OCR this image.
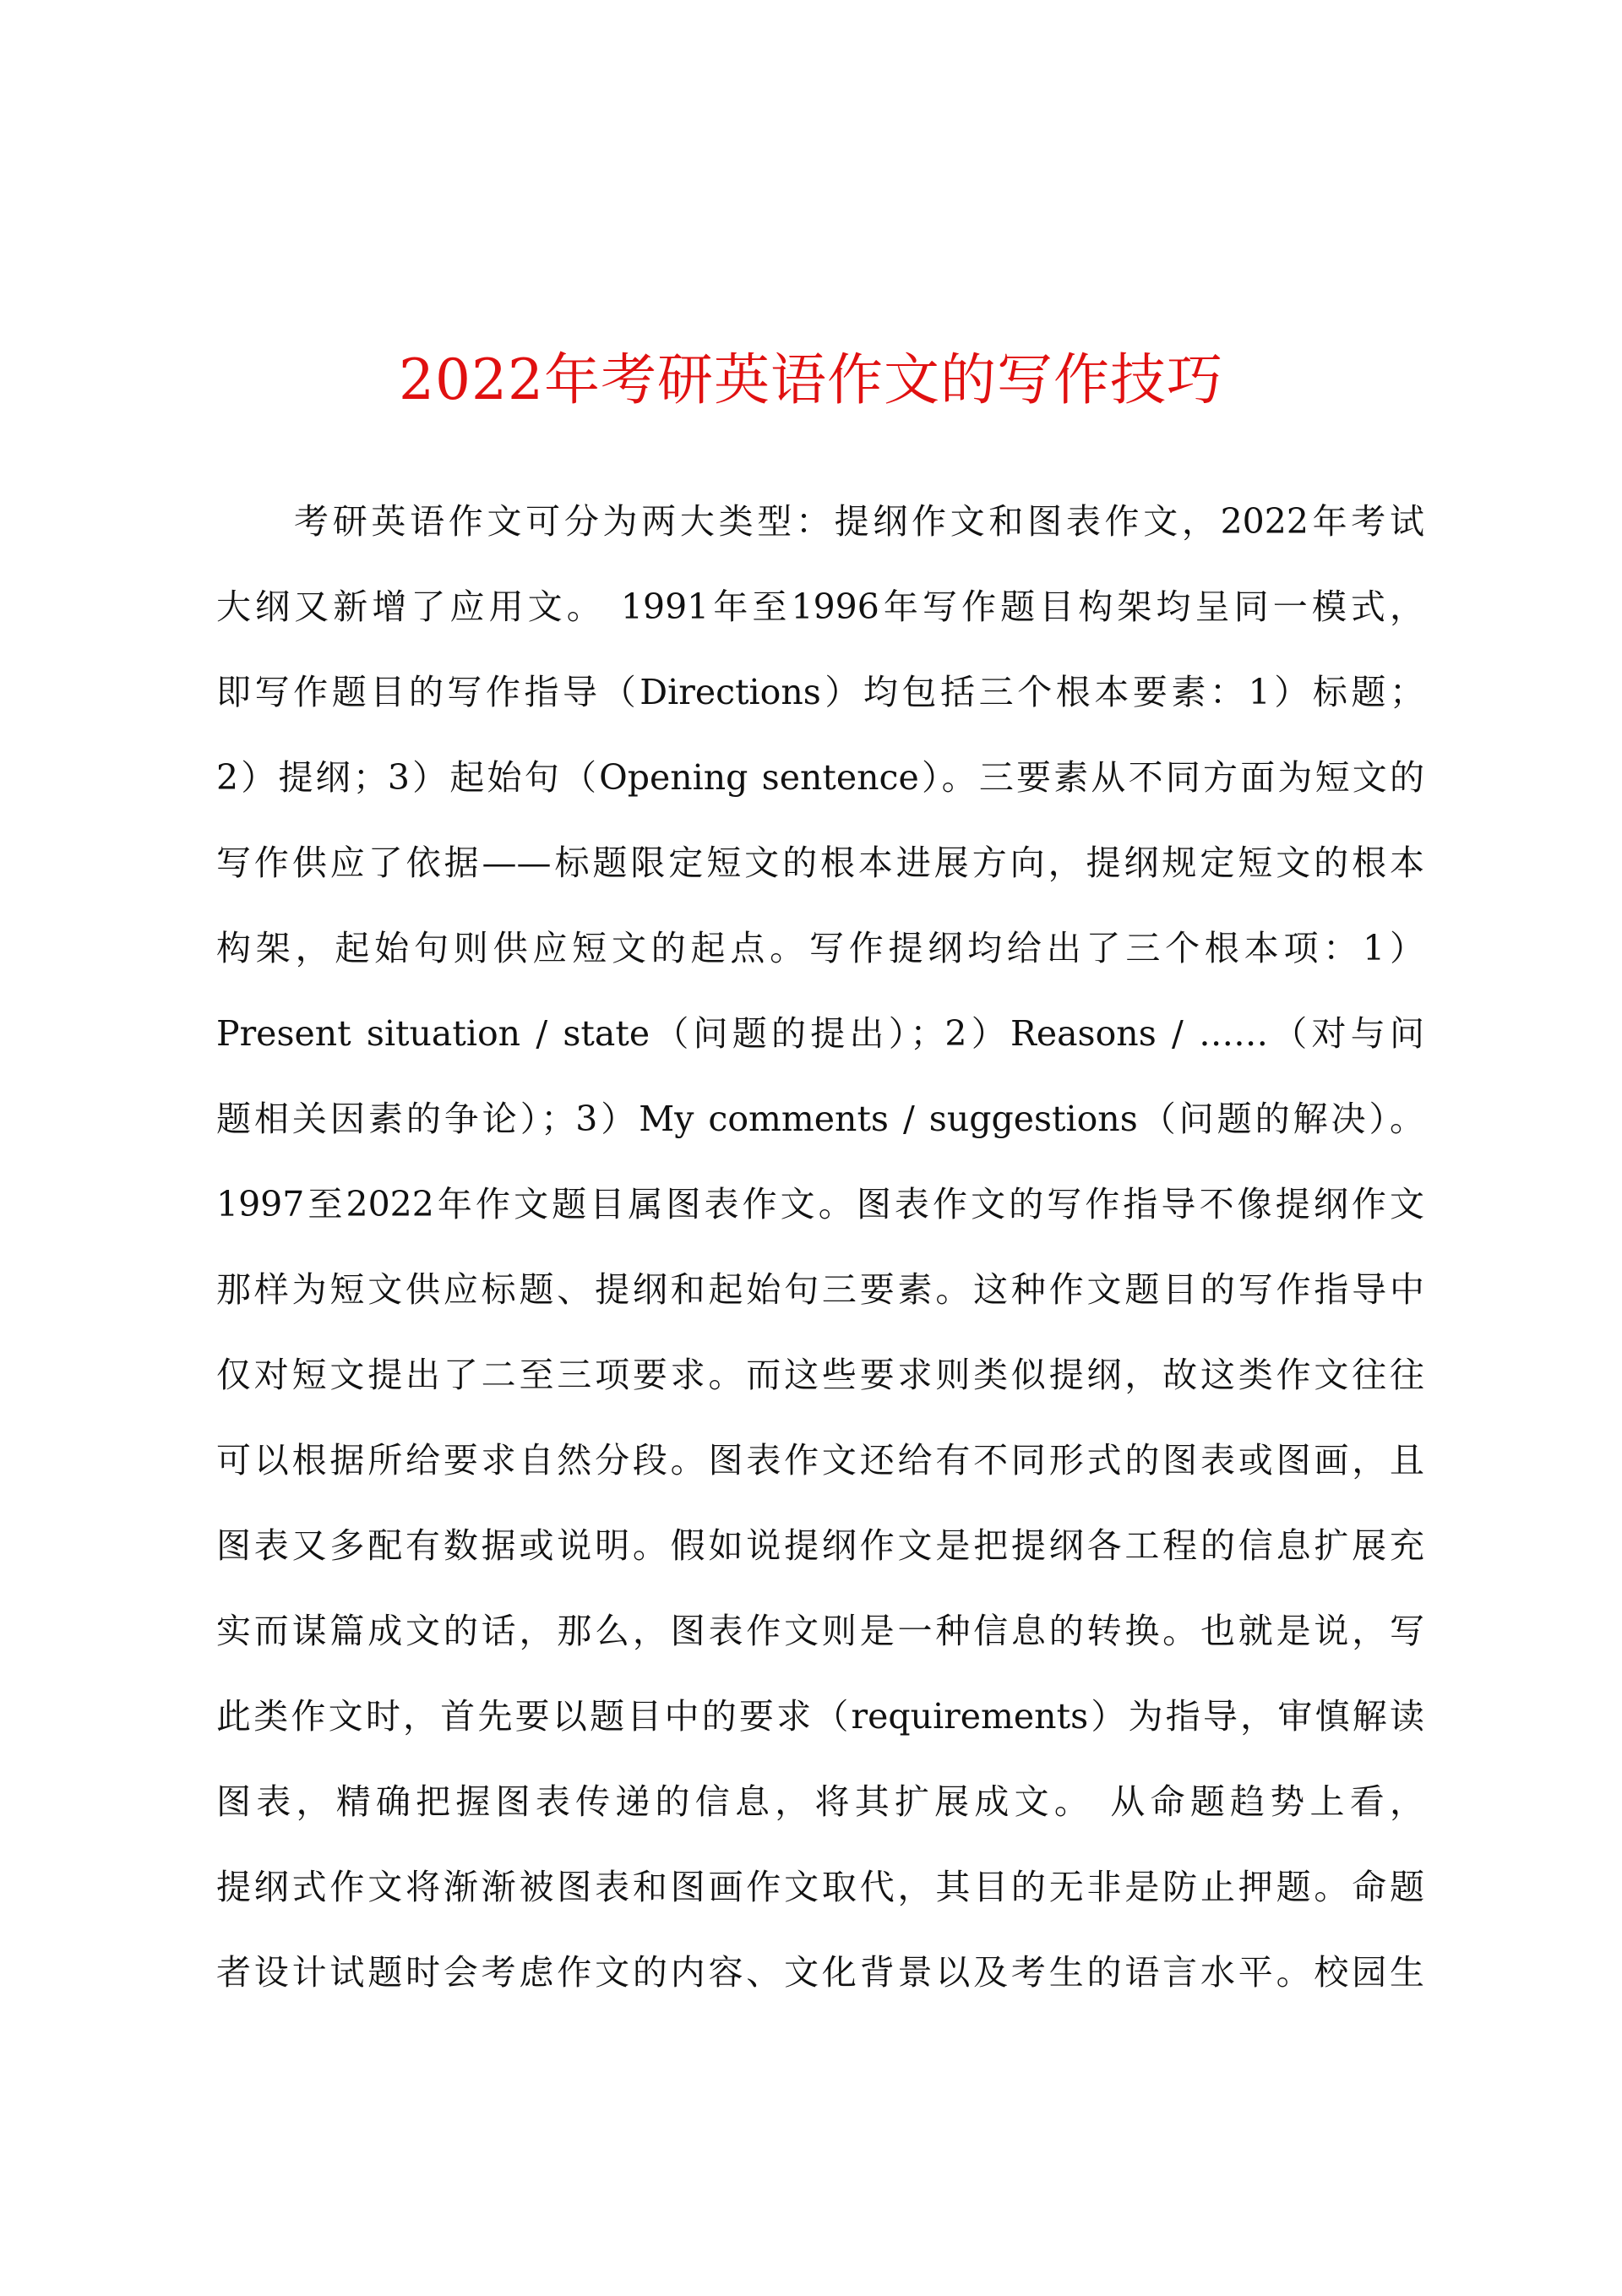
2022年考研英语作文的写作技巧
考研英语作文可分为两大类型：提纲作文和图表作文，2022年考试
大纲又新增了应用文。 1991年至1996年写作题目构架均呈同一模式，
即写作题目的写作指导（Directions）均包括三个根本要素：1）标题；
2）提纲；3）起始句（Opening sentence）。三要素从不同方面为短文的
写作供应了依据——标题限定短文的根本进展方向，提纲规定短文的根本
构架，起始句则供应短文的起点。写作提纲均给出了三个根本项：1）
Present situation / state（问题的提出）；2）Reasons / ……（对与问
题相关因素的争论）；3）My comments / suggestions（问题的解决）。
1997至2022年作文题目属图表作文。图表作文的写作指导不像提纲作文
那样为短文供应标题、提纲和起始句三要素。这种作文题目的写作指导中
仅对短文提出了二至三项要求。而这些要求则类似提纲，故这类作文往往
可以根据所给要求自然分段。图表作文还给有不同形式的图表或图画，且
图表又多配有数据或说明。假如说提纲作文是把提纲各工程的信息扩展充
实而谋篇成文的话，那么，图表作文则是一种信息的转换。也就是说，写
此类作文时，首先要以题目中的要求（requirements）为指导，审慎解读
图表，精确把握图表传递的信息，将其扩展成文。 从命题趋势上看，
提纲式作文将渐渐被图表和图画作文取代，其目的无非是防止押题。命题
者设计试题时会考虑作文的内容、文化背景以及考生的语言水平。校园生
